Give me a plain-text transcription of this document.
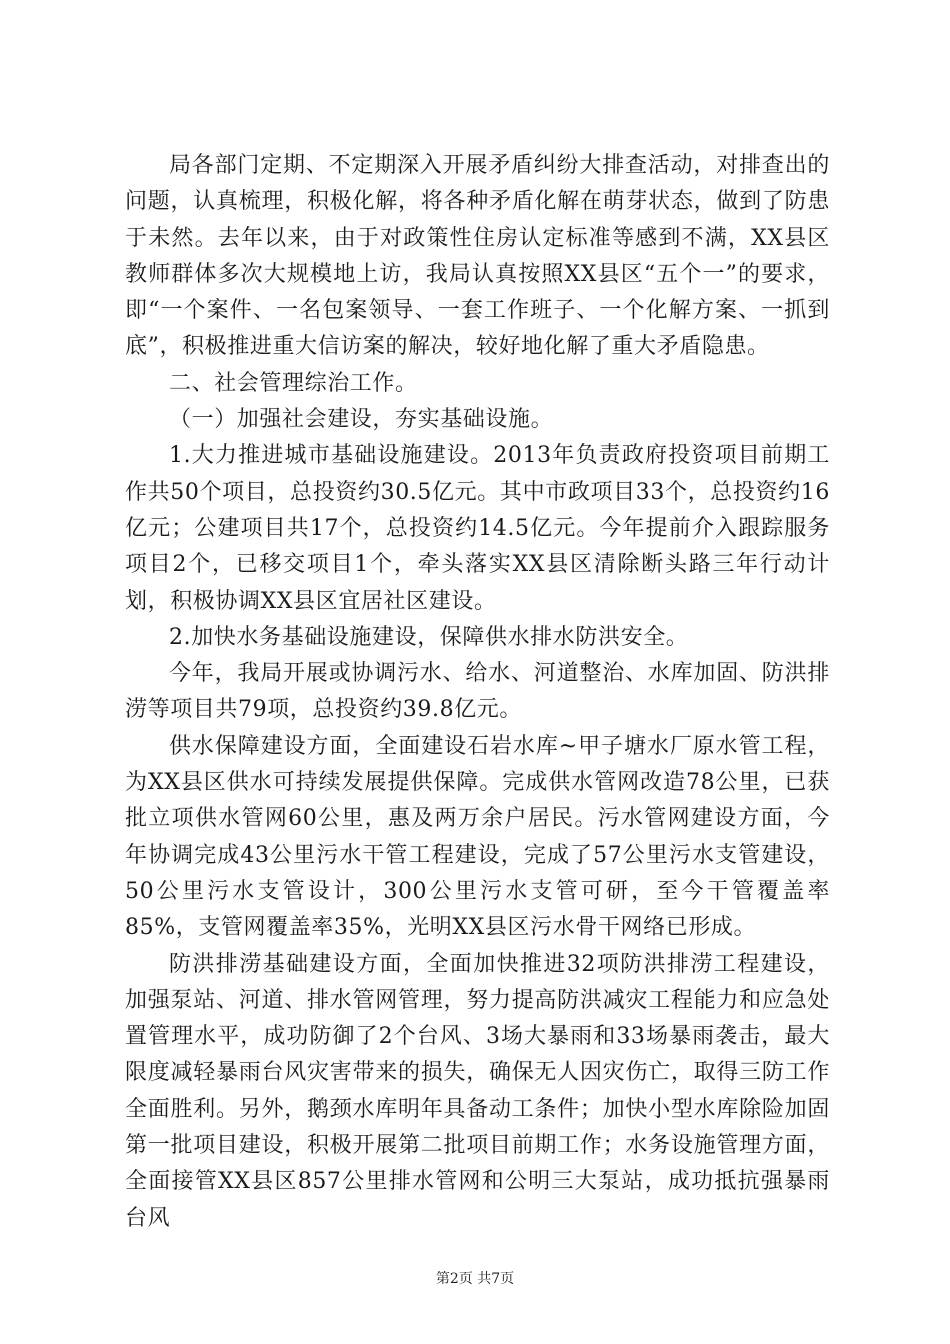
局各部门定期、不定期深入开展矛盾纠纷大排查活动，对排查出的问题，认真梳理，积极化解，将各种矛盾化解在萌芽状态，做到了防患于未然。去年以来，由于对政策性住房认定标准等感到不满，XX县区教师群体多次大规模地上访，我局认真按照XX县区“五个一”的要求，即“一个案件、一名包案领导、一套工作班子、一个化解方案、一抓到底”，积极推进重大信访案的解决，较好地化解了重大矛盾隐患。

二、社会管理综治工作。

（一）加强社会建设，夯实基础设施。

1.大力推进城市基础设施建设。2013年负责政府投资项目前期工作共50个项目，总投资约30.5亿元。其中市政项目33个，总投资约16亿元；公建项目共17个，总投资约14.5亿元。今年提前介入跟踪服务项目2个，已移交项目1个，牵头落实XX县区清除断头路三年行动计划，积极协调XX县区宜居社区建设。

2.加快水务基础设施建设，保障供水排水防洪安全。

今年，我局开展或协调污水、给水、河道整治、水库加固、防洪排涝等项目共79项，总投资约39.8亿元。

供水保障建设方面，全面建设石岩水库~甲子塘水厂原水管工程，为XX县区供水可持续发展提供保障。完成供水管网改造78公里，已获批立项供水管网60公里，惠及两万余户居民。污水管网建设方面，今年协调完成43公里污水干管工程建设，完成了57公里污水支管建设，50公里污水支管设计，300公里污水支管可研，至今干管覆盖率85%，支管网覆盖率35%，光明XX县区污水骨干网络已形成。

防洪排涝基础建设方面，全面加快推进32项防洪排涝工程建设，加强泵站、河道、排水管网管理，努力提高防洪减灾工程能力和应急处置管理水平，成功防御了2个台风、3场大暴雨和33场暴雨袭击，最大限度减轻暴雨台风灾害带来的损失，确保无人因灾伤亡，取得三防工作全面胜利。另外，鹅颈水库明年具备动工条件；加快小型水库除险加固第一批项目建设，积极开展第二批项目前期工作；水务设施管理方面，全面接管XX县区857公里排水管网和公明三大泵站，成功抵抗强暴雨台风

第2页 共7页
